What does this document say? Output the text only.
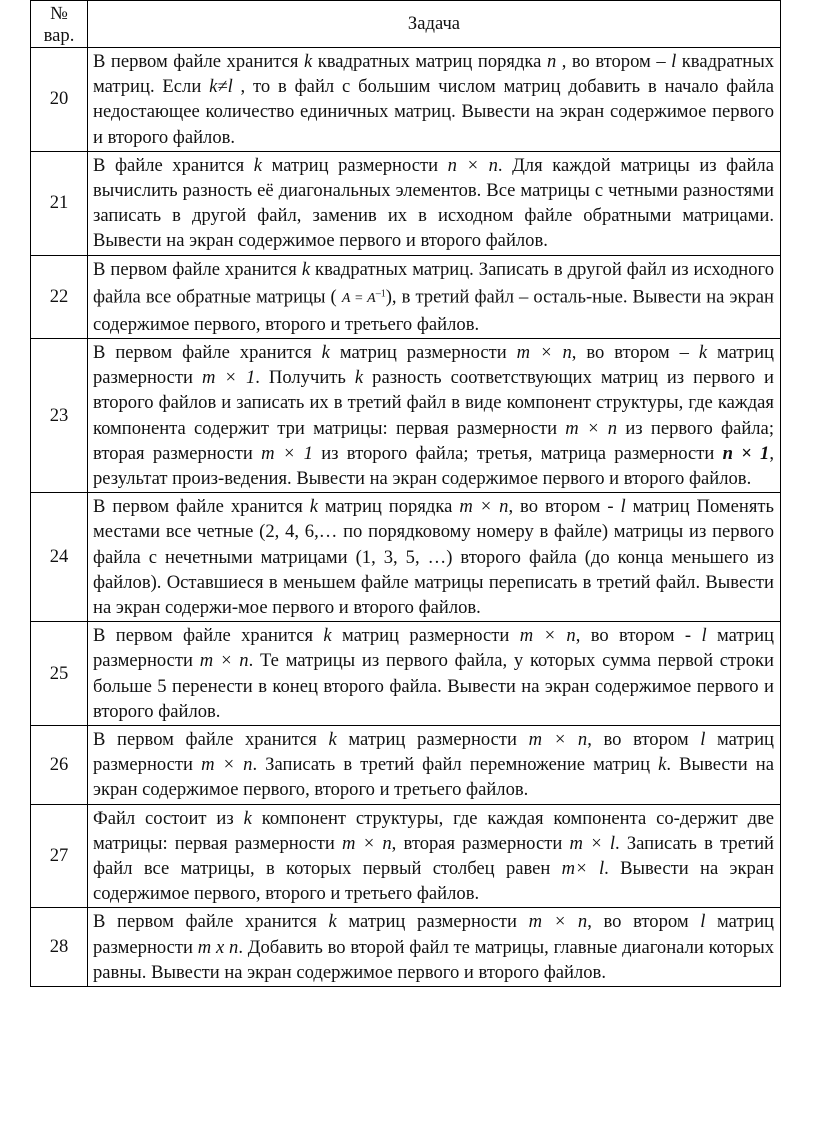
№
вар.	Задача
20	В первом файле хранится k квадратных матриц порядка n , во втором – l квадратных матриц. Если k≠l , то в файл с большим числом матриц добавить в начало файла недостающее количество единичных матриц. Вывести на экран содержимое первого и второго файлов.
21	В файле хранится k матриц размерности n × n. Для каждой матрицы из файла вычислить разность её диагональных элементов. Все матрицы с четными разностями записать в другой файл, заменив их в исходном файле обратными матрицами. Вывести на экран содержимое первого и второго файлов.
22	В первом файле хранится k квадратных матриц. Записать в другой файл из исходного файла все обратные матрицы ( $A = A^{-1}$), в третий файл – осталь-ные. Вывести на экран содержимое первого, второго и третьего файлов.
23	В первом файле хранится k матриц размерности m × n, во втором – k матриц размерности m × 1. Получить k разность соответствующих матриц из первого и второго файлов и записать их в третий файл в виде компонент структуры, где каждая компонента содержит три матрицы: первая размерности m × n из первого файла; вторая размерности m × 1 из второго файла; третья, матрица размерности n × 1, результат произ-ведения. Вывести на экран содержимое первого и второго файлов.
24	В первом файле хранится k матриц порядка m × n, во втором - l матриц Поменять местами все четные (2, 4, 6,… по порядковому номеру в файле) матрицы из первого файла с нечетными матрицами (1, 3, 5, …) второго файла (до конца меньшего из файлов). Оставшиеся в меньшем файле матрицы переписать в третий файл. Вывести на экран содержи-мое первого и второго файлов.
25	В первом файле хранится k матриц размерности m × n, во втором - l матриц размерности m × n. Те матрицы из первого файла, у которых сумма первой строки больше 5 перенести в конец второго файла. Вывести на экран содержимое первого и второго файлов.
26	В первом файле хранится k матриц размерности m × n, во втором l матриц размерности m × n. Записать в третий файл перемножение матриц k. Вывести на экран содержимое первого, второго и третьего файлов.
27	Файл состоит из k компонент структуры, где каждая компонента со-держит две матрицы: первая размерности m × n, вторая размерности m × l. Записать в третий файл все матрицы, в которых первый столбец равен m× l. Вывести на экран содержимое первого, второго и третьего файлов.
28	В первом файле хранится k матриц размерности m × n, во втором l матриц размерности m x n. Добавить во второй файл те матрицы, главные диагонали которых равны. Вывести на экран содержимое первого и второго файлов.
